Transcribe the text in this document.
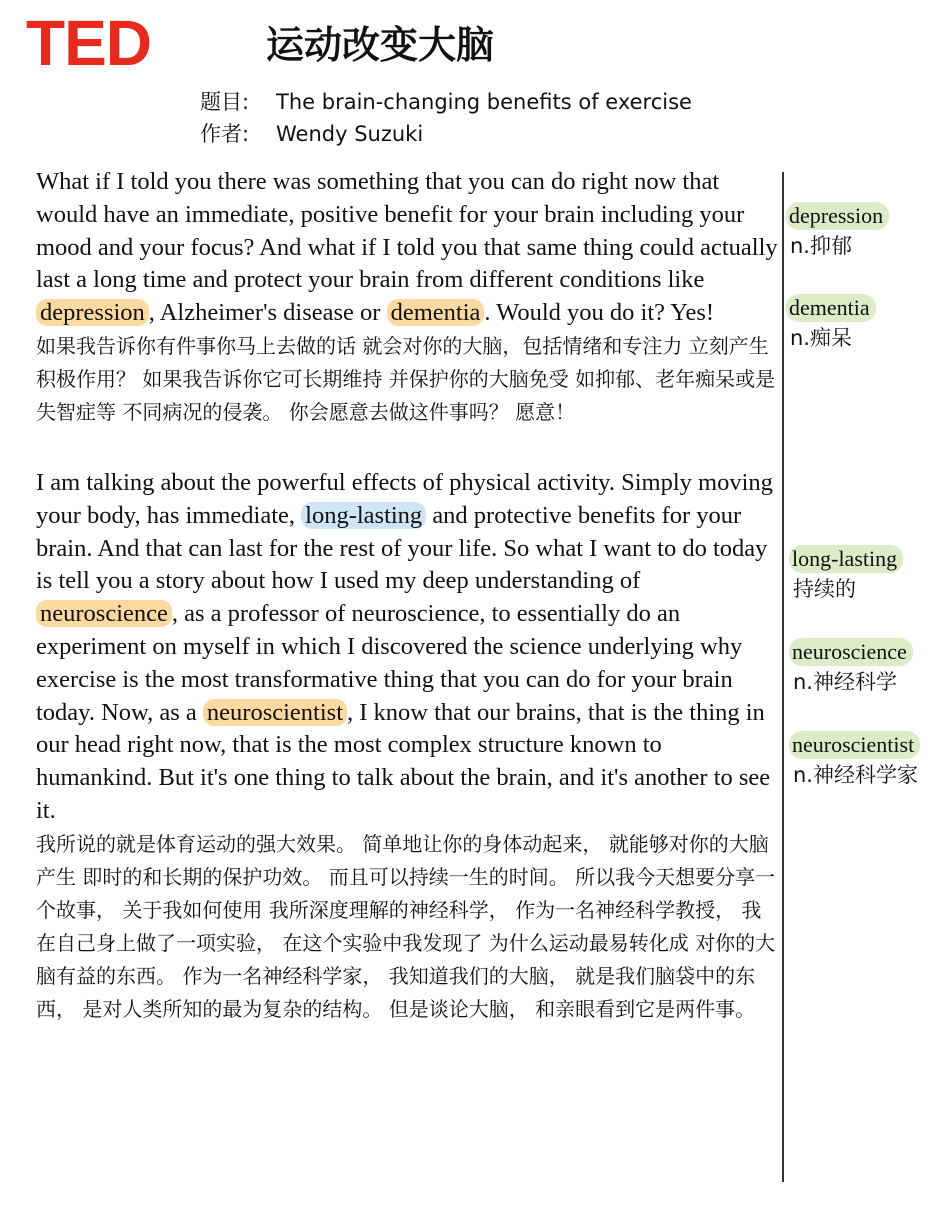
TED	运动改变大脑
题目:	The brain-changing benefits of exercise
作者:	Wendy Suzuki

What if I told you there was something that you can do right now that would have an immediate, positive benefit for your brain including your mood and your focus? And what if I told you that same thing could actually last a long time and protect your brain from different conditions like depression , Alzheimer's disease or dementia . Would you do it? Yes!

如果我告诉你有件事你马上去做的话 就会对你的大脑，包括情绪和专注力 立刻产生积极作用？ 如果我告诉你它可长期维持 并保护你的大脑免受 如抑郁、老年痴呆或是失智症等 不同病况的侵袭。 你会愿意去做这件事吗？ 愿意！

I am talking about the powerful effects of physical activity. Simply moving your body, has immediate, long-lasting and protective benefits for your brain. And that can last for the rest of your life. So what I want to do today is tell you a story about how I used my deep understanding of neuroscience , as a professor of neuroscience, to essentially do an experiment on myself in which I discovered the science underlying why exercise is the most transformative thing that you can do for your brain today. Now, as a neuroscientist , I know that our brains, that is the thing in our head right now, that is the most complex structure known to humankind. But it's one thing to talk about the brain, and it's another to see it.

我所说的就是体育运动的强大效果。 简单地让你的身体动起来， 就能够对你的大脑产生 即时的和长期的保护功效。 而且可以持续一生的时间。 所以我今天想要分享一个故事， 关于我如何使用 我所深度理解的神经科学， 作为一名神经科学教授， 我在自己身上做了一项实验， 在这个实验中我发现了 为什么运动最易转化成 对你的大脑有益的东西。 作为一名神经科学家， 我知道我们的大脑， 就是我们脑袋中的东西， 是对人类所知的最为复杂的结构。 但是谈论大脑， 和亲眼看到它是两件事。

depression
n.抑郁
dementia
n.痴呆
long-lasting
持续的
neuroscience
n.神经科学
neuroscientist
n.神经科学家
